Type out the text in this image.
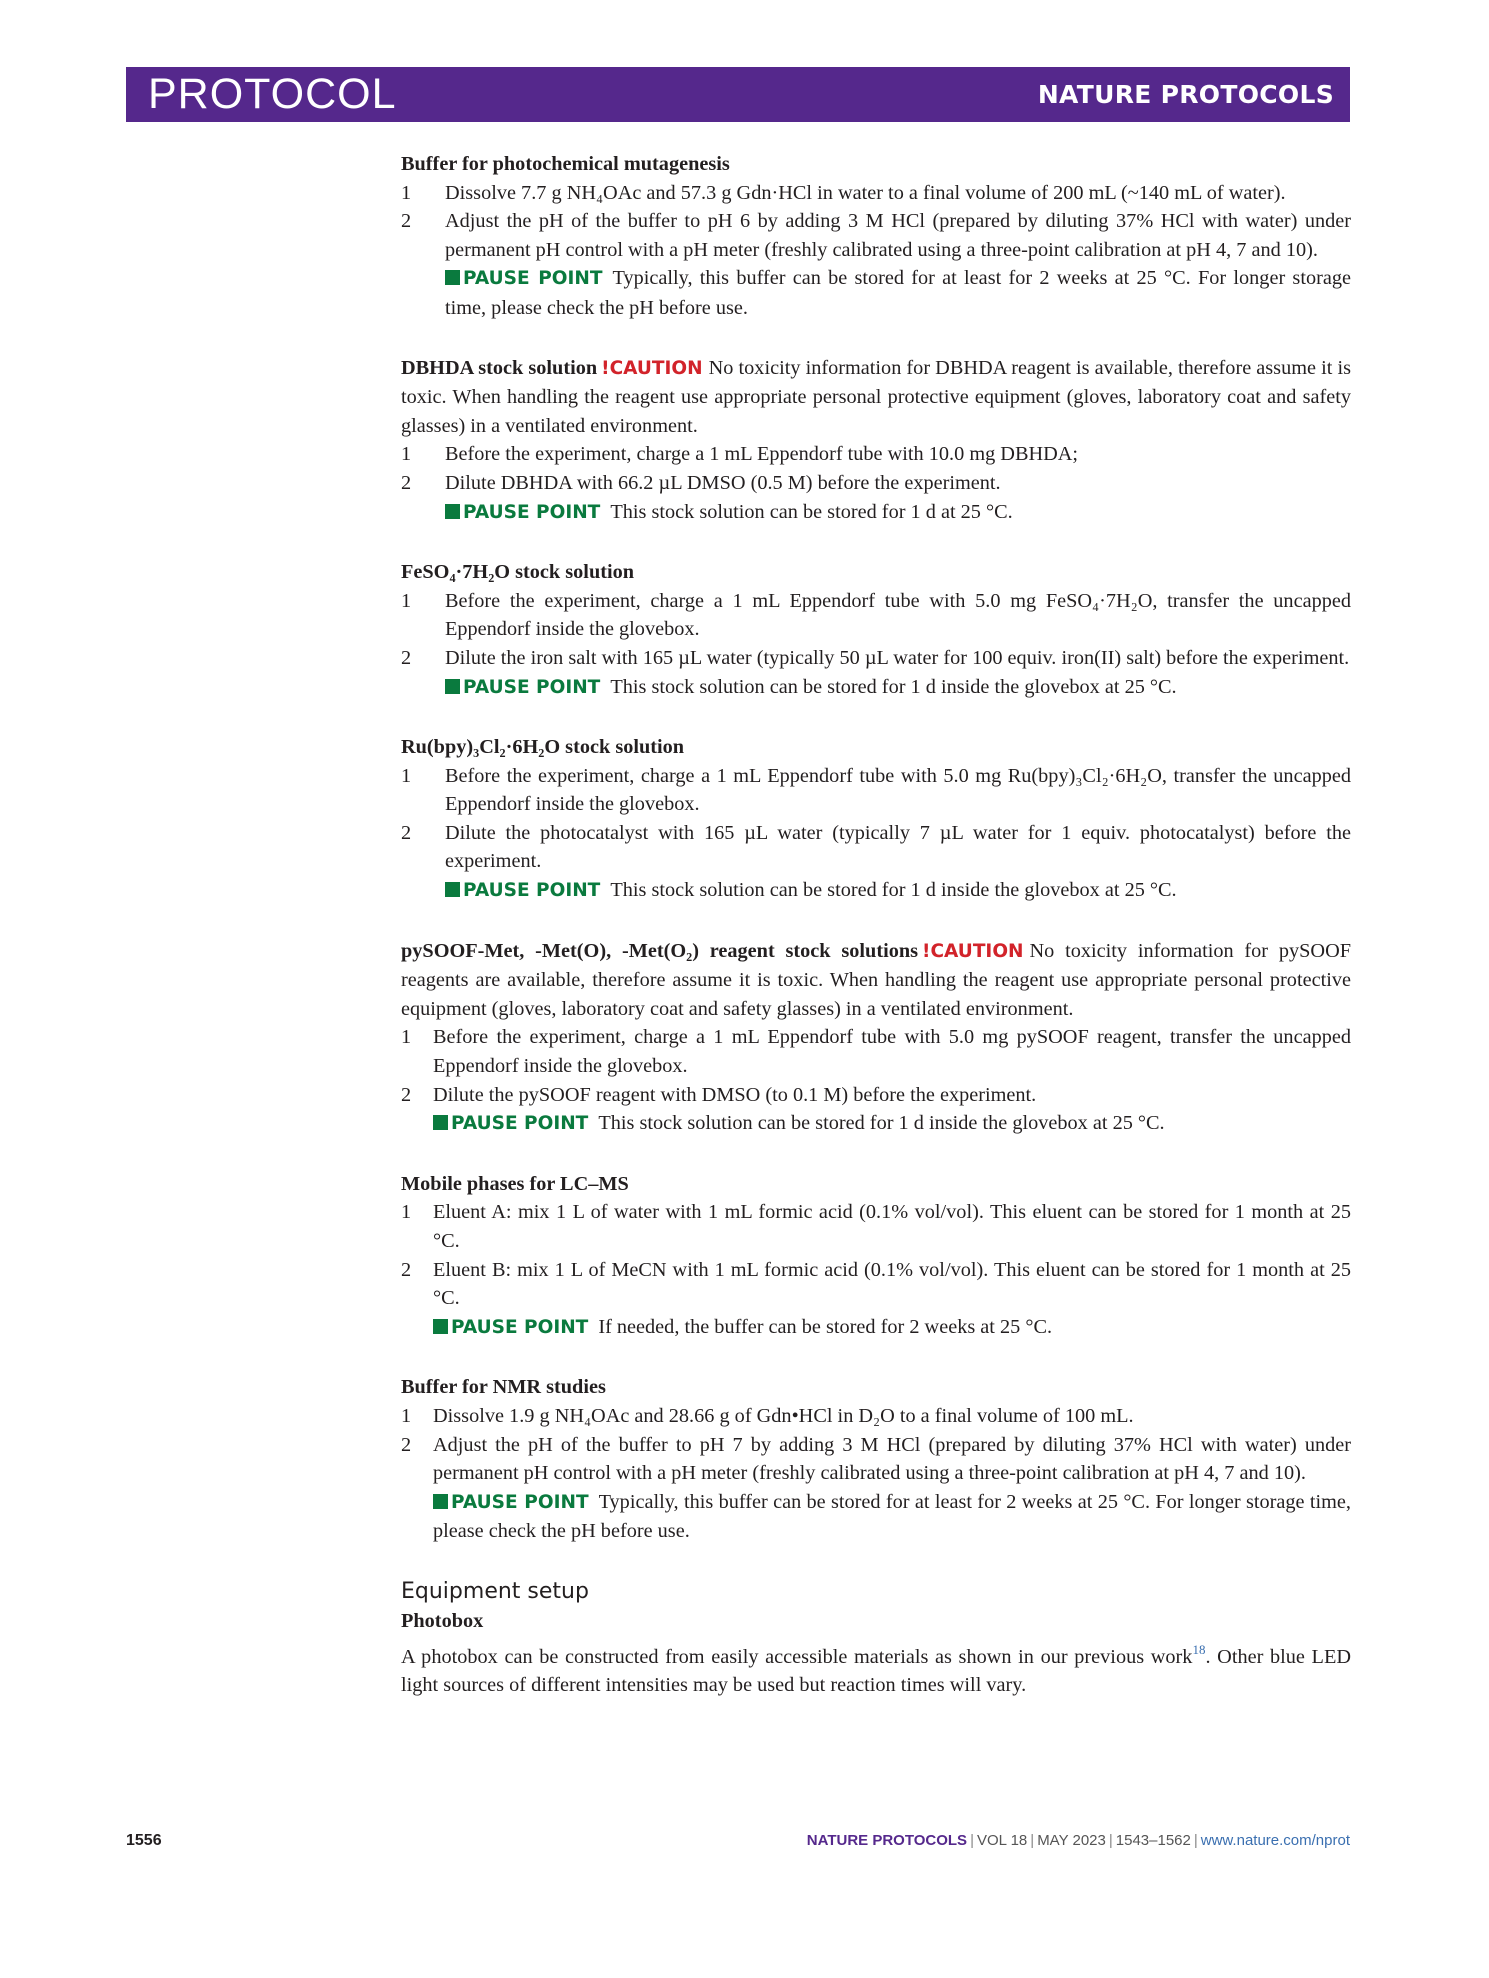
PROTOCOL	NATURE PROTOCOLS
Buffer for photochemical mutagenesis
1 Dissolve 7.7 g NH₄OAc and 57.3 g Gdn·HCl in water to a final volume of 200 mL (~140 mL of water).
2 Adjust the pH of the buffer to pH 6 by adding 3 M HCl (prepared by diluting 37% HCl with water) under permanent pH control with a pH meter (freshly calibrated using a three-point calibration at pH 4, 7 and 10).
PAUSE POINT Typically, this buffer can be stored for at least for 2 weeks at 25 °C. For longer storage time, please check the pH before use.
DBHDA stock solution !CAUTION No toxicity information for DBHDA reagent is available, therefore assume it is toxic. When handling the reagent use appropriate personal protective equipment (gloves, laboratory coat and safety glasses) in a ventilated environment.
1 Before the experiment, charge a 1 mL Eppendorf tube with 10.0 mg DBHDA;
2 Dilute DBHDA with 66.2 µL DMSO (0.5 M) before the experiment.
PAUSE POINT This stock solution can be stored for 1 d at 25 °C.
FeSO₄·7H₂O stock solution
1 Before the experiment, charge a 1 mL Eppendorf tube with 5.0 mg FeSO₄·7H₂O, transfer the uncapped Eppendorf inside the glovebox.
2 Dilute the iron salt with 165 µL water (typically 50 µL water for 100 equiv. iron(II) salt) before the experiment.
PAUSE POINT This stock solution can be stored for 1 d inside the glovebox at 25 °C.
Ru(bpy)₃Cl₂·6H₂O stock solution
1 Before the experiment, charge a 1 mL Eppendorf tube with 5.0 mg Ru(bpy)₃Cl₂·6H₂O, transfer the uncapped Eppendorf inside the glovebox.
2 Dilute the photocatalyst with 165 µL water (typically 7 µL water for 1 equiv. photocatalyst) before the experiment.
PAUSE POINT This stock solution can be stored for 1 d inside the glovebox at 25 °C.
pySOOF-Met, -Met(O), -Met(O₂) reagent stock solutions !CAUTION No toxicity information for pySOOF reagents are available, therefore assume it is toxic. When handling the reagent use appropriate personal protective equipment (gloves, laboratory coat and safety glasses) in a ventilated environment.
1 Before the experiment, charge a 1 mL Eppendorf tube with 5.0 mg pySOOF reagent, transfer the uncapped Eppendorf inside the glovebox.
2 Dilute the pySOOF reagent with DMSO (to 0.1 M) before the experiment.
PAUSE POINT This stock solution can be stored for 1 d inside the glovebox at 25 °C.
Mobile phases for LC–MS
1 Eluent A: mix 1 L of water with 1 mL formic acid (0.1% vol/vol). This eluent can be stored for 1 month at 25 °C.
2 Eluent B: mix 1 L of MeCN with 1 mL formic acid (0.1% vol/vol). This eluent can be stored for 1 month at 25 °C.
PAUSE POINT If needed, the buffer can be stored for 2 weeks at 25 °C.
Buffer for NMR studies
1 Dissolve 1.9 g NH₄OAc and 28.66 g of Gdn•HCl in D₂O to a final volume of 100 mL.
2 Adjust the pH of the buffer to pH 7 by adding 3 M HCl (prepared by diluting 37% HCl with water) under permanent pH control with a pH meter (freshly calibrated using a three-point calibration at pH 4, 7 and 10).
PAUSE POINT Typically, this buffer can be stored for at least for 2 weeks at 25 °C. For longer storage time, please check the pH before use.
Equipment setup
Photobox
A photobox can be constructed from easily accessible materials as shown in our previous work$^{18}$. Other blue LED light sources of different intensities may be used but reaction times will vary.
1556	NATURE PROTOCOLS | VOL 18 | MAY 2023 | 1543–1562 | www.nature.com/nprot
